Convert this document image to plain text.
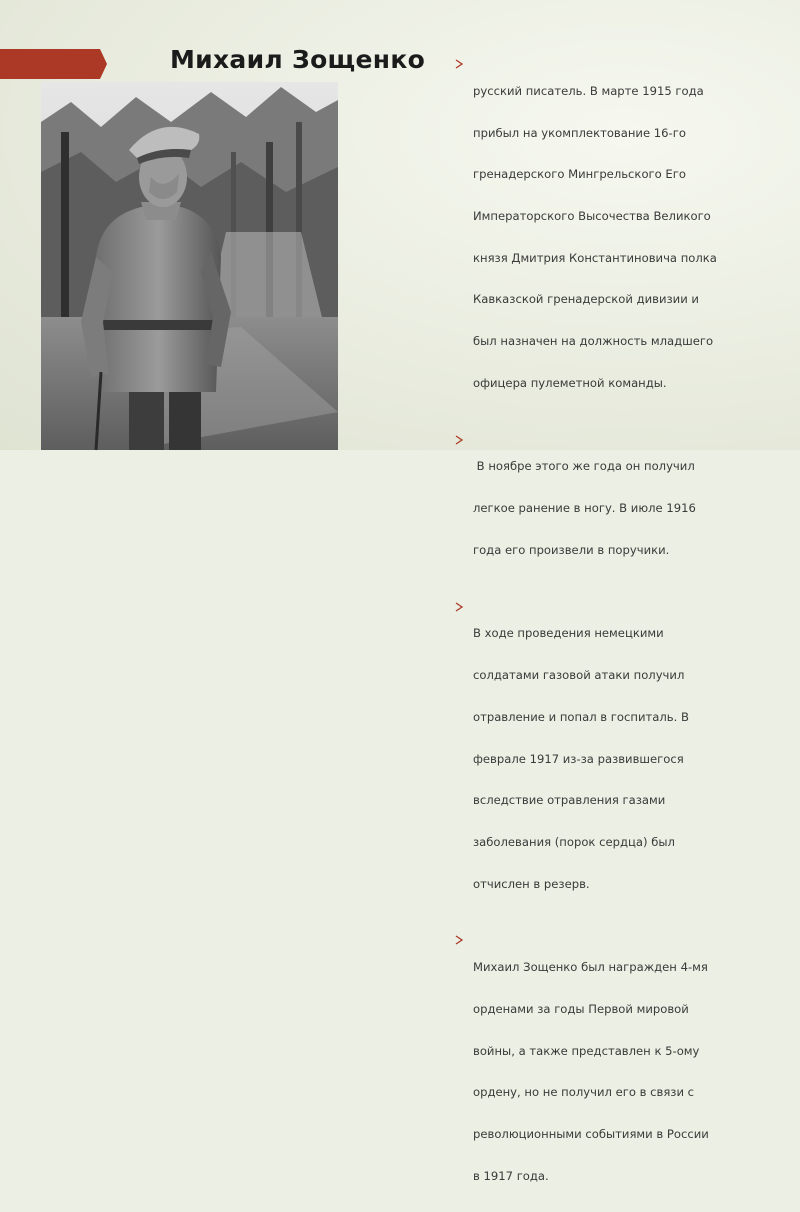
Михаил Зощенко

русский писатель. В марте 1915 года

прибыл на укомплектование 16-го

гренадерского Мингрельского Его

Императорского Высочества Великого

князя Дмитрия Константиновича полка

Кавказской гренадерской дивизии и

был назначен на должность младшего

офицера пулеметной команды.

В ноябре этого же года он получил

легкое ранение в ногу. В июле 1916

года его произвели в поручики.

В ходе проведения немецкими

солдатами газовой атаки получил

отравление и попал в госпиталь. В

феврале 1917 из-за развившегося

вследствие отравления газами

заболевания (порок сердца) был

отчислен в резерв.

Михаил Зощенко был награжден 4-мя

орденами за годы Первой мировой

войны, а также представлен к 5-ому

ордену, но не получил его в связи с

революционными событиями в России

в 1917 года.
